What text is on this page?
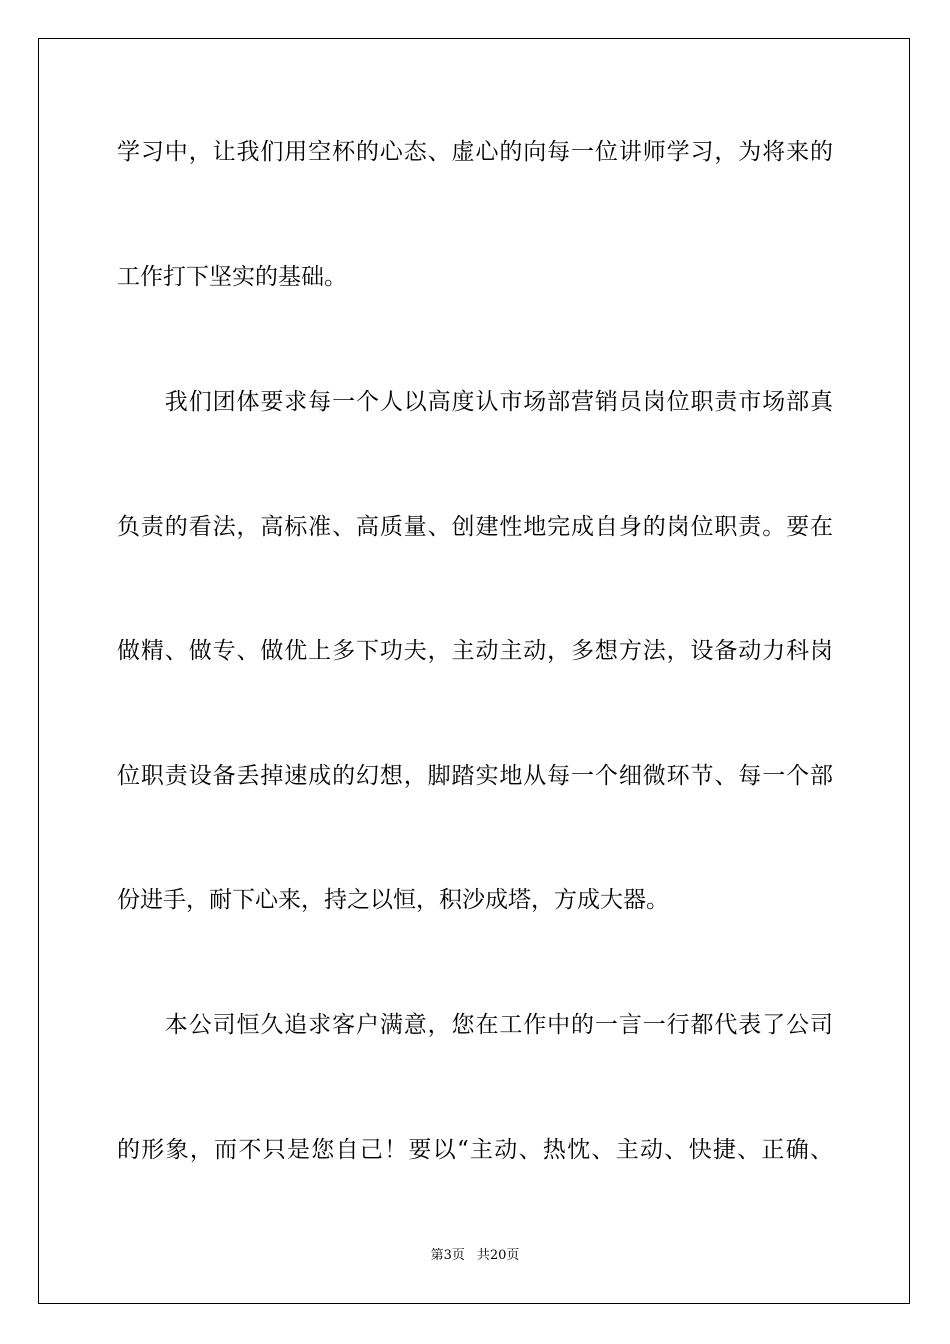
学习中，让我们用空杯的心态、虚心的向每一位讲师学习，为将来的
工作打下坚实的基础。
　　我们团体要求每一个人以高度认市场部营销员岗位职责市场部真
负责的看法，高标准、高质量、创建性地完成自身的岗位职责。要在
做精、做专、做优上多下功夫，主动主动，多想方法，设备动力科岗
位职责设备丢掉速成的幻想，脚踏实地从每一个细微环节、每一个部
份进手，耐下心来，持之以恒，积沙成塔，方成大器。
　　本公司恒久追求客户满意，您在工作中的一言一行都代表了公司
的形象，而不只是您自己！要以“主动、热忱、主动、快捷、正确、
第3页 共20页
